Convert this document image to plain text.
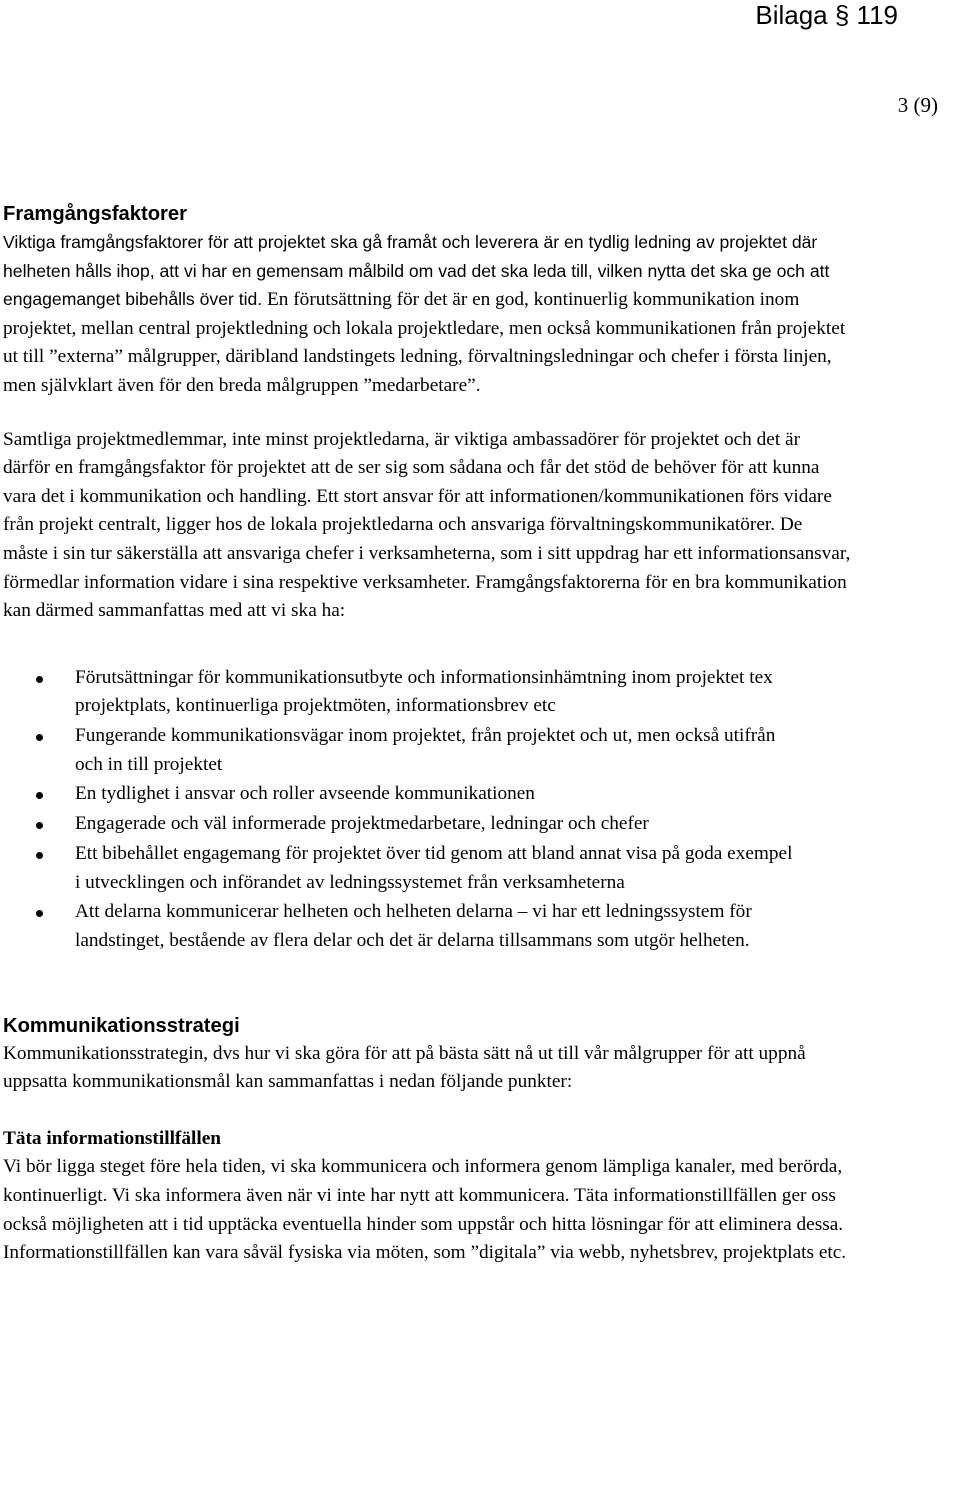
Bilaga § 119
3 (9)
Framgångsfaktorer

Viktiga framgångsfaktorer för att projektet ska gå framåt och leverera är en tydlig ledning av projektet där helheten hålls ihop, att vi har en gemensam målbild om vad det ska leda till, vilken nytta det ska ge och att engagemanget bibehålls över tid. En förutsättning för det är en god, kontinuerlig kommunikation inom projektet, mellan central projektledning och lokala projektledare, men också kommunikationen från projektet ut till ”externa” målgrupper, däribland landstingets ledning, förvaltningsledningar och chefer i första linjen, men självklart även för den breda målgruppen ”medarbetare”.

Samtliga projektmedlemmar, inte minst projektledarna, är viktiga ambassadörer för projektet och det är därför en framgångsfaktor för projektet att de ser sig som sådana och får det stöd de behöver för att kunna vara det i kommunikation och handling. Ett stort ansvar för att informationen/kommunikationen förs vidare från projekt centralt, ligger hos de lokala projektledarna och ansvariga förvaltningskommunikatörer. De måste i sin tur säkerställa att ansvariga chefer i verksamheterna, som i sitt uppdrag har ett informationsansvar, förmedlar information vidare i sina respektive verksamheter. Framgångsfaktorerna för en bra kommunikation kan därmed sammanfattas med att vi ska ha:

Förutsättningar för kommunikationsutbyte och informationsinhämtning inom projektet tex projektplats, kontinuerliga projektmöten, informationsbrev etc
Fungerande kommunikationsvägar inom projektet, från projektet och ut, men också utifrån och in till projektet
En tydlighet i ansvar och roller avseende kommunikationen
Engagerade och väl informerade projektmedarbetare, ledningar och chefer
Ett bibehållet engagemang för projektet över tid genom att bland annat visa på goda exempel i utvecklingen och införandet av ledningssystemet från verksamheterna
Att delarna kommunicerar helheten och helheten delarna – vi har ett ledningssystem för landstinget, bestående av flera delar och det är delarna tillsammans som utgör helheten.
Kommunikationsstrategi

Kommunikationsstrategin, dvs hur vi ska göra för att på bästa sätt nå ut till vår målgrupper för att uppnå uppsatta kommunikationsmål kan sammanfattas i nedan följande punkter:

Täta informationstillfällen

Vi bör ligga steget före hela tiden, vi ska kommunicera och informera genom lämpliga kanaler, med berörda, kontinuerligt. Vi ska informera även när vi inte har nytt att kommunicera. Täta informationstillfällen ger oss också möjligheten att i tid upptäcka eventuella hinder som uppstår och hitta lösningar för att eliminera dessa. Informationstillfällen kan vara såväl fysiska via möten, som ”digitala” via webb, nyhetsbrev, projektplats etc.
